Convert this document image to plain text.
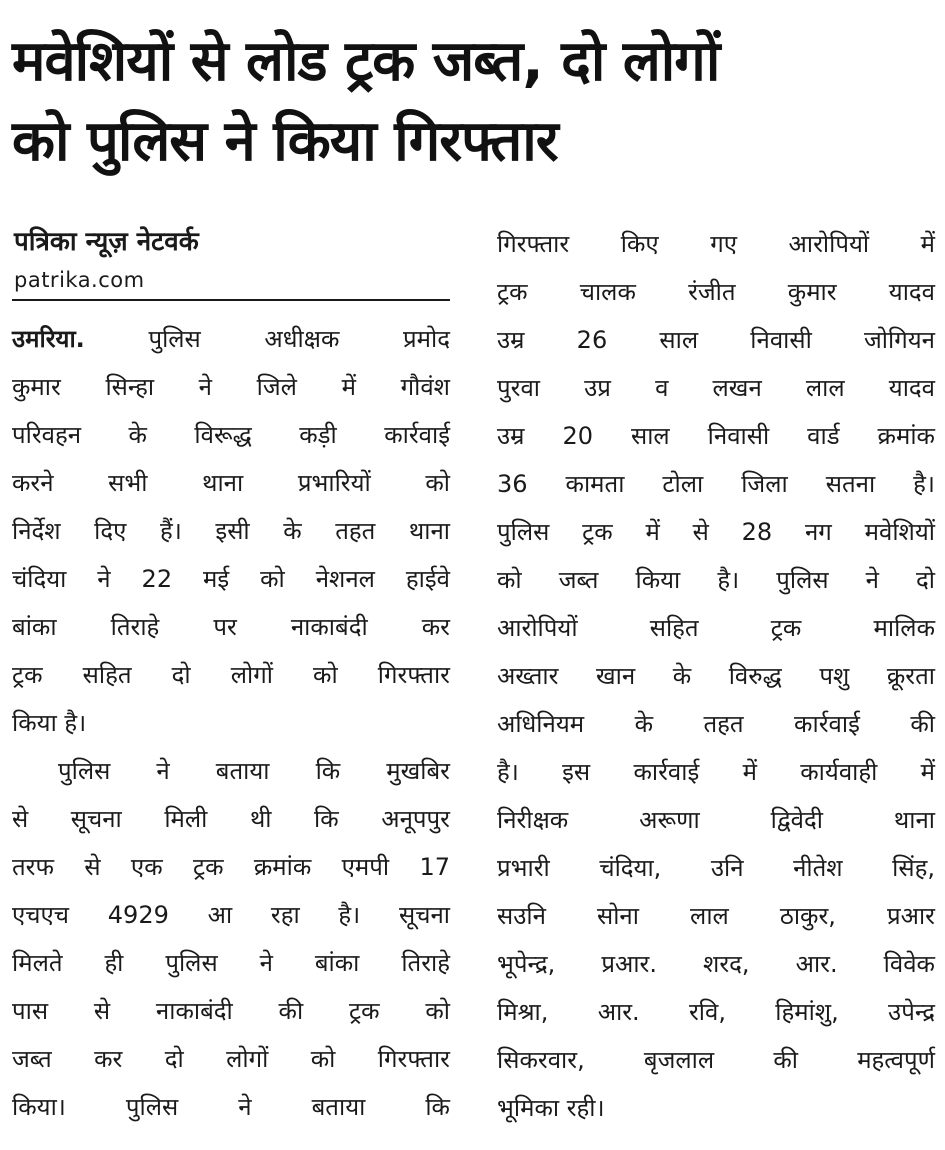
मवेशियों से लोड ट्रक जब्त, दो लोगों
को पुलिस ने किया गिरफ्तार
पत्रिका न्यूज़ नेटवर्क
patrika.com
उमरिया. पुलिस अधीक्षक प्रमोद
कुमार सिन्हा ने जिले में गौवंश
परिवहन के विरूद्ध कड़ी कार्रवाई
करने सभी थाना प्रभारियों को
निर्देश दिए हैं। इसी के तहत थाना
चंदिया ने 22 मई को नेशनल हाईवे
बांका तिराहे पर नाकाबंदी कर
ट्रक सहित दो लोगों को गिरफ्तार
किया है।
पुलिस ने बताया कि मुखबिर
से सूचना मिली थी कि अनूपपुर
तरफ से एक ट्रक क्रमांक एमपी 17
एचएच 4929 आ रहा है। सूचना
मिलते ही पुलिस ने बांका तिराहे
पास से नाकाबंदी की ट्रक को
जब्त कर दो लोगों को गिरफ्तार
किया। पुलिस ने बताया कि
गिरफ्तार किए गए आरोपियों में
ट्रक चालक रंजीत कुमार यादव
उम्र 26 साल निवासी जोगियन
पुरवा उप्र व लखन लाल यादव
उम्र 20 साल निवासी वार्ड क्रमांक
36 कामता टोला जिला सतना है।
पुलिस ट्रक में से 28 नग मवेशियों
को जब्त किया है। पुलिस ने दो
आरोपियों सहित ट्रक मालिक
अख्तार खान के विरुद्ध पशु क्रूरता
अधिनियम के तहत कार्रवाई की
है। इस कार्रवाई में कार्यवाही में
निरीक्षक अरूणा द्विवेदी थाना
प्रभारी चंदिया, उनि नीतेश सिंह,
सउनि सोना लाल ठाकुर, प्रआर
भूपेन्द्र, प्रआर. शरद, आर. विवेक
मिश्रा, आर. रवि, हिमांशु, उपेन्द्र
सिकरवार, बृजलाल की महत्वपूर्ण
भूमिका रही।
